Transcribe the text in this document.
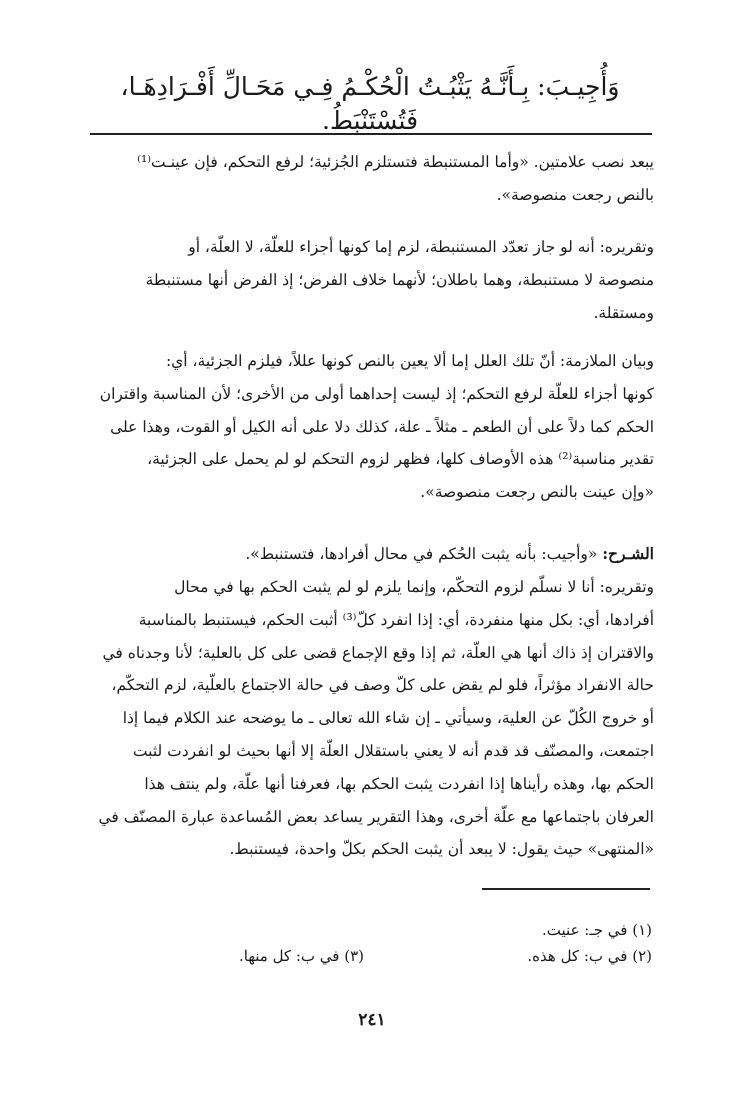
وَأُجِيـبَ: بِـأَنَّـهُ يَثْبُـتُ الْحُكْـمُ فِـي مَحَـالِّ أَفْـرَادِهَـا، فَتُسْتَنْبَطُ.
يبعد نصب علامتين. «وأما المستنبطة فتستلزم الجُزئية؛ لرفع التحكم، فإن عينـت⁽¹⁾
بالنص رجعت منصوصة».
وتقريره: أنه لو جاز تعدّد المستنبطة، لزم إما كونها أجزاء للعلّة، لا العلّة، أو
منصوصة لا مستنبطة، وهما باطلان؛ لأنهما خلاف الفرض؛ إذ الفرض أنها مستنبطة
ومستقلة.
وبيان الملازمة: أنّ تلك العلل إما ألا يعين بالنص كونها عللاً، فيلزم الجزئية، أي:
كونها أجزاء للعلّة لرفع التحكم؛ إذ ليست إحداهما أولى من الأخرى؛ لأن المناسبة واقتران
الحكم كما دلاً على أن الطعم ـ مثلاً ـ علة، كذلك دلا على أنه الكيل أو القوت، وهذا على
تقدير مناسبة⁽²⁾ هذه الأوصاف كلها، فظهر لزوم التحكم لو لم يحمل على الجزئية،
«وإن عينت بالنص رجعت منصوصة».
الشـرح: «وأجيب: بأنه يثبت الحُكم في محال أفرادها، فتستنبط».
وتقريره: أنا لا نسلّم لزوم التحكّم، وإنما يلزم لو لم يثبت الحكم بها في محال
أفرادها، أي: بكل منها منفردة، أي: إذا انفرد كلّ⁽³⁾ أثبت الحكم، فيستنبط بالمناسبة
والاقتران إذ ذاك أنها هي العلّة، ثم إذا وقع الإجماع قضى على كل بالعلية؛ لأنا وجدناه في
حالة الانفراد مؤثراً، فلو لم يقض على كلّ وصف في حالة الاجتماع بالعلّية، لزم التحكّم،
أو خروج الكُلّ عن العلية، وسيأتي ـ إن شاء الله تعالى ـ ما يوضحه عند الكلام فيما إذا
اجتمعت، والمصنّف قد قدم أنه لا يعني باستقلال العلّة إلا أنها بحيث لو انفردت لثبت
الحكم بها، وهذه رأيناها إذا انفردت يثبت الحكم بها، فعرفنا أنها علّة، ولم ينتف هذا
العرفان باجتماعها مع علّة أخرى، وهذا التقرير يساعد بعض المُساعدة عبارة المصنّف في
«المنتهى» حيث يقول: لا يبعد أن يثبت الحكم بكلّ واحدة، فيستنبط.
(١) في جـ: عنيت.
(٢) في ب: كل هذه.
(٣) في ب: كل منها.
٢٤١
